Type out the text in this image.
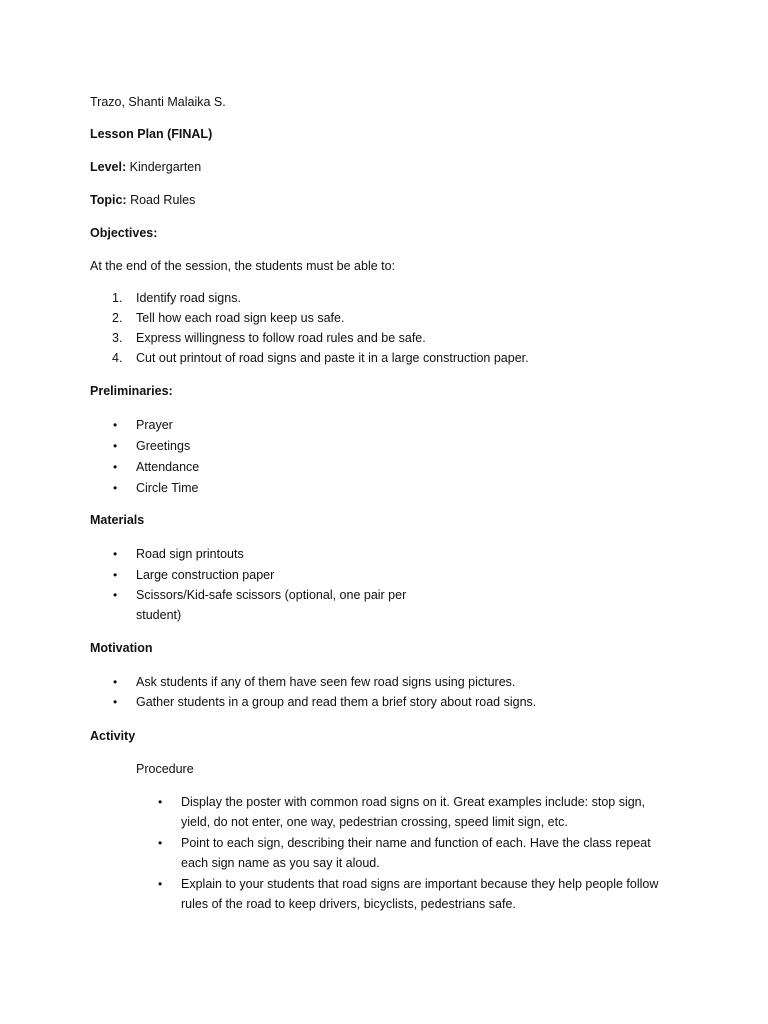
Trazo, Shanti Malaika S.
Lesson Plan (FINAL)
Level: Kindergarten
Topic: Road Rules
Objectives:
At the end of the session, the students must be able to:
1. Identify road signs.
2. Tell how each road sign keep us safe.
3. Express willingness to follow road rules and be safe.
4. Cut out printout of road signs and paste it in a large construction paper.
Preliminaries:
• Prayer
• Greetings
• Attendance
• Circle Time
Materials
• Road sign printouts
• Large construction paper
• Scissors/Kid-safe scissors (optional, one pair per
student)
Motivation
• Ask students if any of them have seen few road signs using pictures.
• Gather students in a group and read them a brief story about road signs.
Activity
Procedure
• Display the poster with common road signs on it. Great examples include: stop sign,
yield, do not enter, one way, pedestrian crossing, speed limit sign, etc.
• Point to each sign, describing their name and function of each. Have the class repeat
each sign name as you say it aloud.
• Explain to your students that road signs are important because they help people follow
rules of the road to keep drivers, bicyclists, pedestrians safe.
